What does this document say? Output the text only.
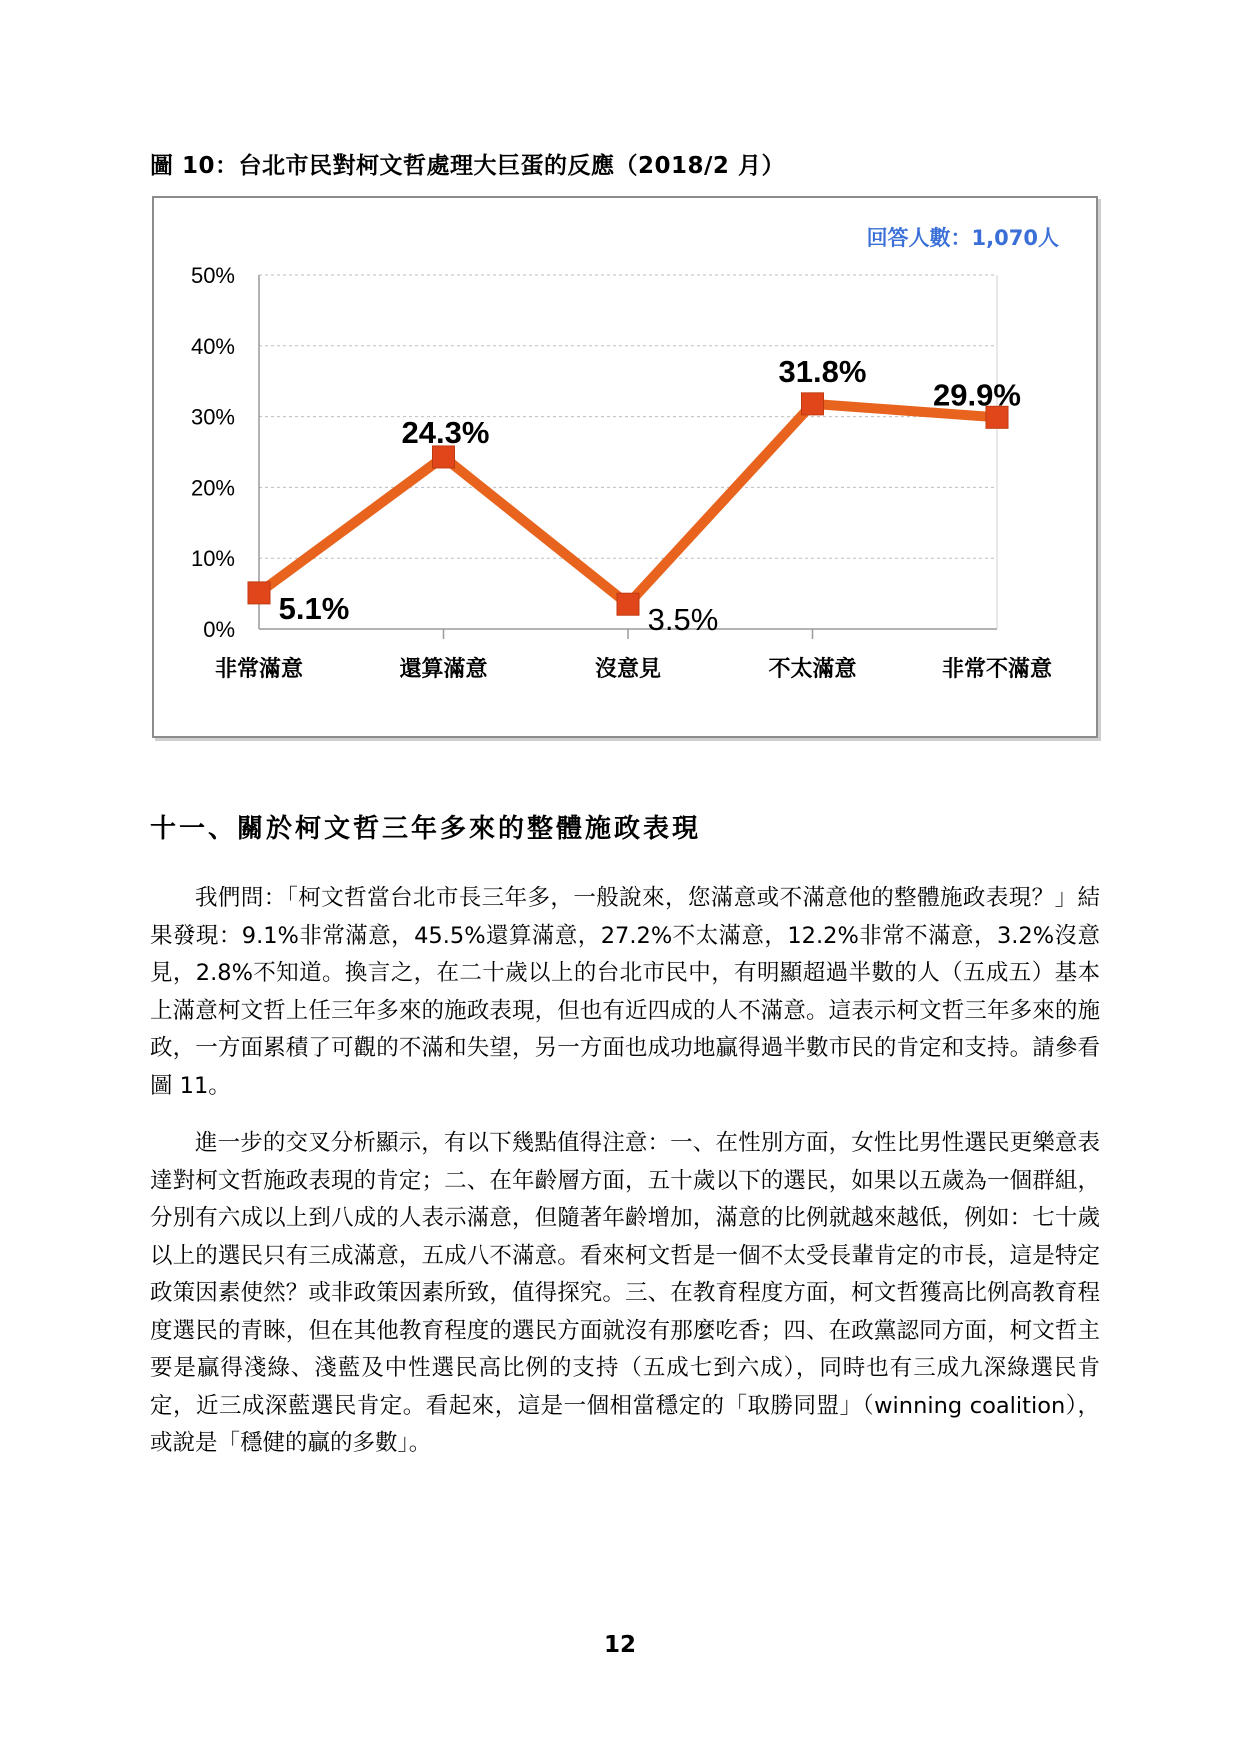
圖 10：台北市民對柯文哲處理大巨蛋的反應（2018/2 月）
0%
10%
20%
30%
40%
50%
非常滿意	還算滿意	沒意見	不太滿意	非常不滿意
5.1%
24.3%
3.5%
31.8%
29.9%
回答人數：1,070人
十一、關於柯文哲三年多來的整體施政表現

我們問：「柯文哲當台北市長三年多，一般說來，您滿意或不滿意他的整體施政表現？」結果發現：9.1%非常滿意，45.5%還算滿意，27.2%不太滿意，12.2%非常不滿意，3.2%沒意見，2.8%不知道。換言之，在二十歲以上的台北市民中，有明顯超過半數的人（五成五）基本上滿意柯文哲上任三年多來的施政表現，但也有近四成的人不滿意。這表示柯文哲三年多來的施政，一方面累積了可觀的不滿和失望，另一方面也成功地贏得過半數市民的肯定和支持。請參看圖 11。

進一步的交叉分析顯示，有以下幾點值得注意：一、在性別方面，女性比男性選民更樂意表達對柯文哲施政表現的肯定；二、在年齡層方面，五十歲以下的選民，如果以五歲為一個群組，分別有六成以上到八成的人表示滿意，但隨著年齡增加，滿意的比例就越來越低，例如：七十歲以上的選民只有三成滿意，五成八不滿意。看來柯文哲是一個不太受長輩肯定的市長，這是特定政策因素使然？或非政策因素所致，值得探究。三、在教育程度方面，柯文哲獲高比例高教育程度選民的青睞，但在其他教育程度的選民方面就沒有那麼吃香；四、在政黨認同方面，柯文哲主要是贏得淺綠、淺藍及中性選民高比例的支持（五成七到六成），同時也有三成九深綠選民肯定，近三成深藍選民肯定。看起來，這是一個相當穩定的「取勝同盟」（winning coalition），或說是「穩健的贏的多數」。

12
